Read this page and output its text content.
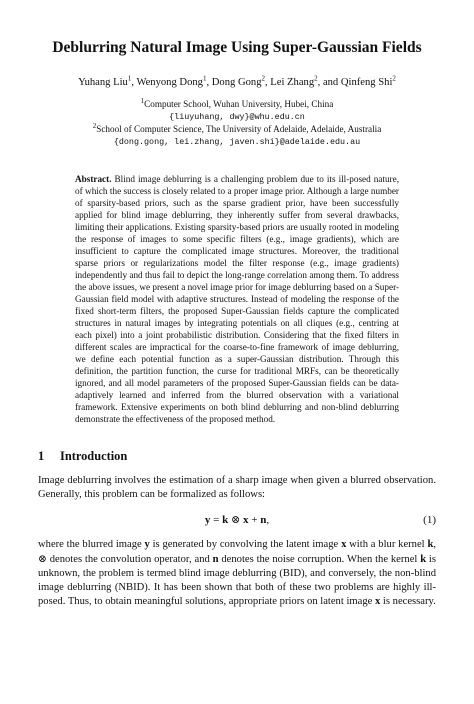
Deblurring Natural Image Using Super-Gaussian Fields
Yuhang Liu$^1$, Wenyong Dong$^1$, Dong Gong$^2$, Lei Zhang$^2$, and Qinfeng Shi$^2$
$^1$Computer School, Wuhan University, Hubei, China
{liuyuhang, dwy}@whu.edu.cn
$^2$School of Computer Science, The University of Adelaide, Adelaide, Australia
{dong.gong, lei.zhang, javen.shi}@adelaide.edu.au

Abstract. Blind image deblurring is a challenging problem due to its ill-posed nature, of which the success is closely related to a proper image prior. Although a large number of sparsity-based priors, such as the sparse gradient prior, have been successfully applied for blind image deblurring, they inherently suffer from several drawbacks, limiting their applications. Existing sparsity-based priors are usually rooted in modeling the response of images to some specific filters (e.g., image gradients), which are insufficient to capture the complicated image structures. Moreover, the traditional sparse priors or regularizations model the filter response (e.g., image gradients) independently and thus fail to depict the long-range correlation among them. To address the above issues, we present a novel image prior for image deblurring based on a Super-Gaussian field model with adaptive structures. Instead of modeling the response of the fixed short-term filters, the proposed Super-Gaussian fields capture the complicated structures in natural images by integrating potentials on all cliques (e.g., centring at each pixel) into a joint probabilistic distribution. Considering that the fixed filters in different scales are impractical for the coarse-to-fine framework of image deblurring, we define each potential function as a super-Gaussian distribution. Through this definition, the partition function, the curse for traditional MRFs, can be theoretically ignored, and all model parameters of the proposed Super-Gaussian fields can be data-adaptively learned and inferred from the blurred observation with a variational framework. Extensive experiments on both blind deblurring and non-blind deblurring demonstrate the effectiveness of the proposed method.

1 Introduction

Image deblurring involves the estimation of a sharp image when given a blurred observation. Generally, this problem can be formalized as follows:

y = k ⊗ x + n,	(1)

where the blurred image y is generated by convolving the latent image x with a blur kernel k, ⊗ denotes the convolution operator, and n denotes the noise corruption. When the kernel k is unknown, the problem is termed blind image deblurring (BID), and conversely, the non-blind image deblurring (NBID). It has been shown that both of these two problems are highly ill-posed. Thus, to obtain meaningful solutions, appropriate priors on latent image x is necessary.
